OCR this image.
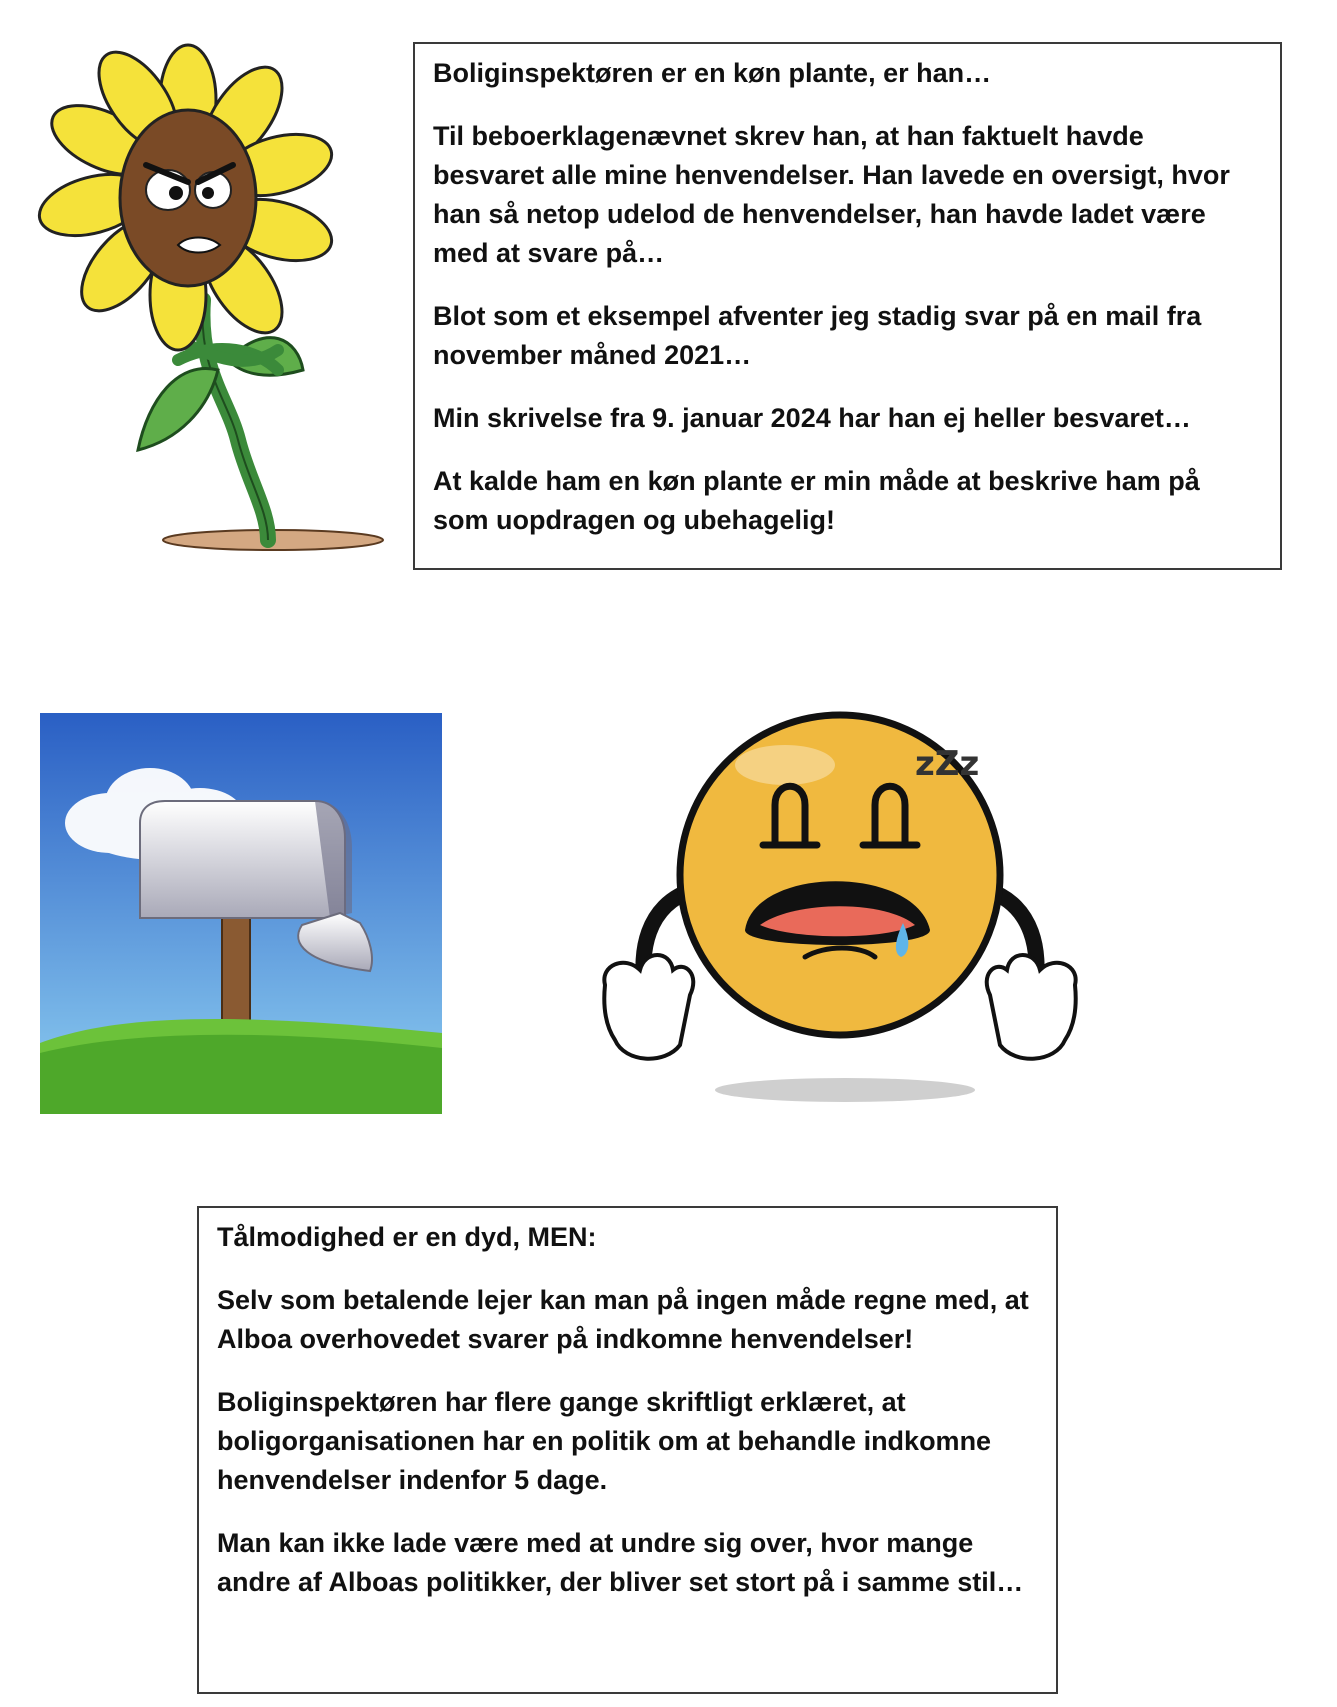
Boliginspektøren er en køn plante, er han…

Til beboerklagenævnet skrev han, at han faktuelt havde besvaret alle mine henvendelser. Han lavede en oversigt, hvor han så netop udelod de henvendelser, han havde ladet være med at svare på…

Blot som et eksempel afventer jeg stadig svar på en mail fra november måned 2021…

Min skrivelse fra 9. januar 2024 har han ej heller besvaret…

At kalde ham en køn plante er min måde at beskrive ham på som uopdragen og ubehagelig!

zZz

Tålmodighed er en dyd, MEN:

Selv som betalende lejer kan man på ingen måde regne med, at Alboa overhovedet svarer på indkomne henvendelser!

Boliginspektøren har flere gange skriftligt erklæret, at boligorganisationen har en politik om at behandle indkomne henvendelser indenfor 5 dage.

Man kan ikke lade være med at undre sig over, hvor mange andre af Alboas politikker, der bliver set stort på i samme stil…
